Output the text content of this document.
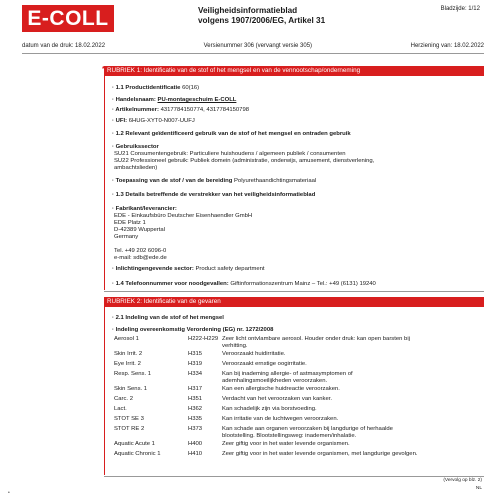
E-COLL	Veiligheidsinformatieblad
volgens 1907/2006/EG, Artikel 31
Bladzijde: 1/12
datum van de druk: 18.02.2022	Versienummer 306 (vervangt versie 305)	Herziening van: 18.02.2022
RUBRIEK 1: Identificatie van de stof of het mengsel en van de vennootschap/onderneming
*
· 1.1 Productidentificatie 60(16)
· Handelsnaam: PU-montageschuim E-COLL
· Artikelnummer: 4317784150774, 4317784150798
· UFI: 6HUG-XYT0-N007-UUFJ
· 1.2 Relevant geïdentificeerd gebruik van de stof of het mengsel en ontraden gebruik
· Gebruikssector
SU21 Consumentengebruik: Particuliere huishoudens / algemeen publiek / consumenten
SU22 Professioneel gebruik: Publiek domein (administratie, onderwijs, amusement, dienstverlening,
ambachtslieden)
· Toepassing van de stof / van de bereiding Polyurethaandichtingsmateriaal
· 1.3 Details betreffende de verstrekker van het veiligheidsinformatieblad
· Fabrikant/leverancier:
EDE - Einkaufsbüro Deutscher Eisenhaendler GmbH
EDE Platz 1
D-42389 Wuppertal
Germany
Tel. +49 202 6096-0
e-mail: sdb@ede.de
· Inlichtingengevende sector: Product safety department
· 1.4 Telefoonnummer voor noodgevallen: Giftinformationszentrum Mainz – Tel.: +49 (6131) 19240
RUBRIEK 2: Identificatie van de gevaren
· 2.1 Indeling van de stof of het mengsel
· Indeling overeenkomstig Verordening (EG) nr. 1272/2008
Aerosol 1	H222-H229 Zeer licht ontvlambare aerosol. Houder onder druk: kan open barsten bij
verhitting.
Skin Irrit. 2	H315	Veroorzaakt huidirritatie.
Eye Irrit. 2	H319	Veroorzaakt ernstige oogirritatie.
Resp. Sens. 1	H334	Kan bij inademing allergie- of astmasymptomen of
ademhalingsmoeilijkheden veroorzaken.
Skin Sens. 1	H317	Kan een allergische huidreactie veroorzaken.
Carc. 2	H351	Verdacht van het veroorzaken van kanker.
Lact.	H362	Kan schadelijk zijn via borstvoeding.
STOT SE 3	H335	Kan irritatie van de luchtwegen veroorzaken.
STOT RE 2	H373	Kan schade aan organen veroorzaken bij langdurige of herhaalde
blootstelling. Blootstellingsweg: inademen/inhalatie.
Aquatic Acute 1	H400	Zeer giftig voor in het water levende organismen.
Aquatic Chronic 1	H410	Zeer giftig voor in het water levende organismen, met langdurige gevolgen.
(Vervolg op blz. 2)
NL
•
